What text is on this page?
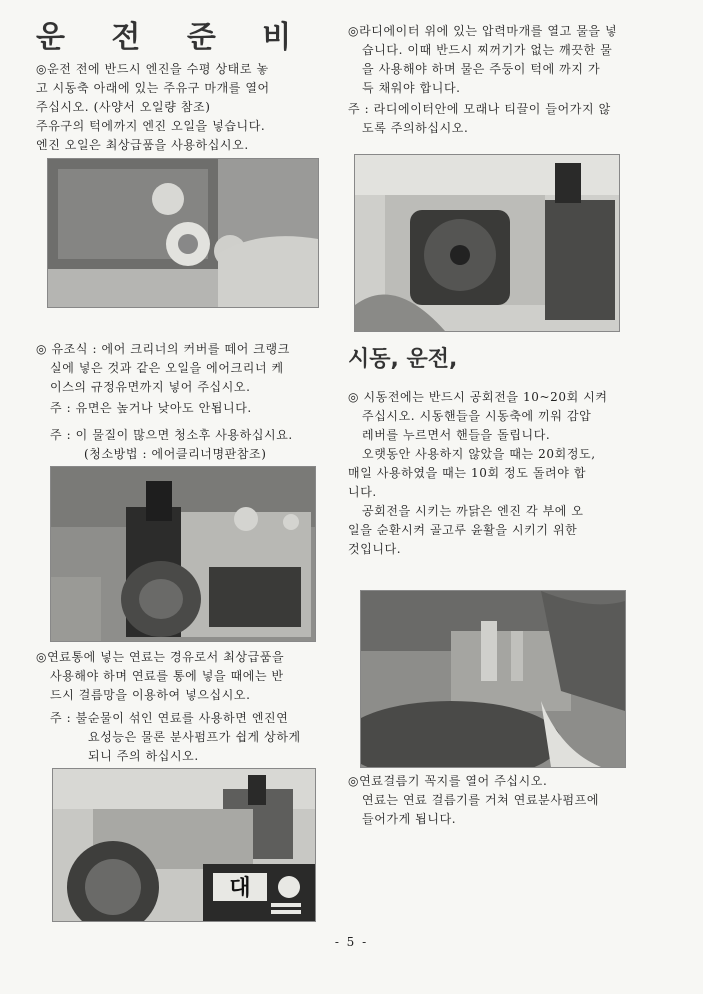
운 전 준 비

◎운전 전에 반드시 엔진을 수평 상태로 놓

고 시동축 아래에 있는 주유구 마개를 열어

주십시오. (사양서 오일량 참조)

주유구의 턱에까지 엔진 오일을 넣습니다.

엔진 오일은 최상급품을 사용하십시오.

◎ 유조식 : 에어 크리너의 커버를 떼어 크랭크

실에 넣은 것과 같은 오일을 에어크리너 케

이스의 규정유면까지 넣어 주십시오.

주 : 유면은 높거나 낮아도 안됩니다.

주 : 이 물질이 많으면 청소후 사용하십시요.

(청소방법 : 에어클리너명판참조)

◎연료통에 넣는 연료는 경유로서 최상급품을

사용해야 하며 연료를 통에 넣을 때에는 반

드시 걸름망을 이용하여 넣으십시오.

주 : 불순물이 섞인 연료를 사용하면 엔진연

요성능은 물론 분사펌프가 쉽게 상하게

되니 주의 하십시오.

대

◎라디에이터 위에 있는 압력마개를 열고 물을 넣

습니다. 이때 반드시 찌꺼기가 없는 깨끗한 물

을 사용해야 하며 물은 주둥이 턱에 까지 가

득 채워야 합니다.

주 : 라디에이터안에 모래나 티끌이 들어가지 않

도록 주의하십시오.

시동, 운전,

◎ 시동전에는 반드시 공회전을 10~20회 시켜

주십시오. 시동핸들을 시동축에 끼워 감압

레버를 누르면서 핸들을 돌립니다.

오랫동안 사용하지 않았을 때는 20회정도,

매일 사용하였을 때는 10회 정도 돌려야 합

니다.

공회전을 시키는 까닭은 엔진 각 부에 오

일을 순환시켜 골고루 윤활을 시키기 위한

것입니다.

◎연료걸름기 꼭지를 열어 주십시오.

연료는 연료 걸름기를 거쳐 연료분사펌프에

들어가게 됩니다.

- 5 -
